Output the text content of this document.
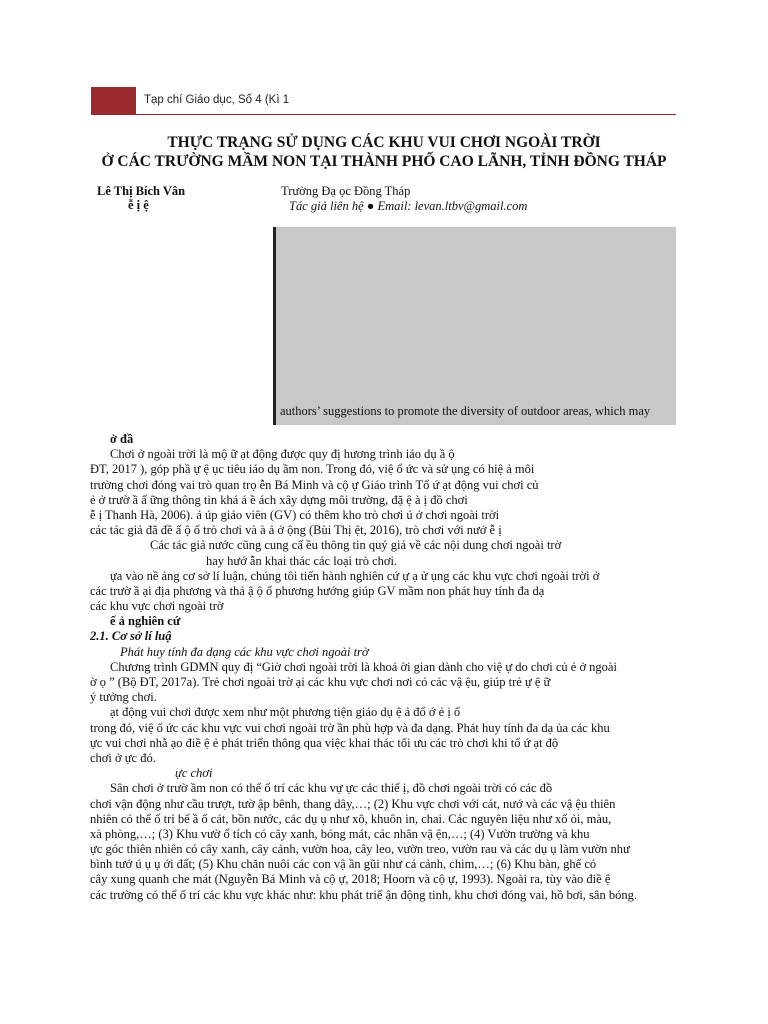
Tạp chí Giáo dục, Số 4 (Kì 1
THỰC TRẠNG SỬ DỤNG CÁC KHU VUI CHƠI NGOÀI TRỜI
Ở CÁC TRƯỜNG MẦM NON TẠI THÀNH PHỐ CAO LÃNH, TỈNH ĐỒNG THÁP
Lê Thị Bích Vân
ễ ị ệ
Trường Đạ ọc Đồng Tháp
Tác giả liên hệ ● Email: levan.ltbv@gmail.com
authors’ suggestions to promote the diversity of outdoor areas, which may
ở đầ
Chơi ở ngoài trời là mộ ữ ạt động được quy đị hương trình iáo dụ ầ ộ
ĐT, 2017 ), góp phầ ự ệ ục tiêu iáo dụ ầm non. Trong đó, việ ổ ức và sử ụng có hiệ ả môi
trường chơi đóng vai trò quan trọ ễn Bá Minh và cộ ự Giáo trình Tổ ứ ạt động vui chơi củ
ẻ ở trườ ầ ấ ững thông tin khá á ề ách xây dựng môi trường, đặ ệ à ị đồ chơi
ễ ị Thanh Hà, 2006). ả úp giáo viên (GV) có thêm kho trò chơi ú ở chơi ngoài trời
các tác giả đã đề ấ ộ ố trò chơi và à ả ở ộng (Bùi Thị ệt, 2016), trò chơi với nướ ễ ị
Các tác giả nước cũng cung cấ ều thông tin quý giá về các nội dung chơi ngoài trờ
hay hướ ẫn khai thác các loại trò chơi.
ựa vào nề ảng cơ sở lí luận, chúng tôi tiến hành nghiên cứ ự ạ ử ụng các khu vực chơi ngoài trời ở
các trườ ầ ại địa phương và thả ậ ộ ố phương hướng giúp GV mầm non phát huy tính đa dạ
các khu vực chơi ngoài trờ
ế ả nghiên cứ
2.1. Cơ sở lí luậ
Phát huy tính đa dạng các khu vực chơi ngoài trờ
Chương trình GDMN quy đị “Giờ chơi ngoài trời là khoả ời gian dành cho việ ự do chơi củ ẻ ở ngoài
ờ ọ ” (Bộ ĐT, 2017a). Trẻ chơi ngoài trờ ại các khu vực chơi nơi có các vậ ệu, giúp trẻ ự ệ ữ
ý tưởng chơi.
ạt động vui chơi được xem như một phương tiện giáo dụ ệ ả đổ ớ ẻ ị ố
trong đó, việ ổ ức các khu vực vui chơi ngoài trờ ần phù hợp và đa dạng. Phát huy tính đa dạ ủa các khu
ực vui chơi nhằ ạo điề ệ ẻ phát triển thông qua việc khai thác tối ưu các trò chơi khi tổ ứ ạt độ
chơi ở ực đó.
ực chơi
Sân chơi ở trườ ầm non có thể ố trí các khu vự ực các thiế ị, đồ chơi ngoài trời có các đồ
chơi vận động như cầu trượt, tườ ập bênh, thang dây,…; (2) Khu vực chơi với cát, nướ và các vậ ệu thiên
nhiên có thể ố trí bể ầ ố cát, bồn nước, các dụ ụ như xô, khuôn in, chai. Các nguyên liệu như xố ỏi, màu,
xà phòng,…; (3) Khu vườ ổ tích có cây xanh, bóng mát, các nhân vậ ện,…; (4) Vườn trường và khu
ực góc thiên nhiên có cây xanh, cây cảnh, vườn hoa, cây leo, vườn treo, vườn rau và các dụ ụ làm vườn như
bình tướ ú ụ ụ ới đất; (5) Khu chăn nuôi các con vậ ần gũi như cá cảnh, chim,…; (6) Khu bàn, ghế có
cây xung quanh che mát (Nguyễn Bá Minh và cộ ự, 2018; Hoorn và cộ ự, 1993). Ngoài ra, tùy vào điề ệ
các trường có thể ố trí các khu vực khác như: khu phát triể ận động tinh, khu chơi đóng vai, hồ bơi, sân bóng.
